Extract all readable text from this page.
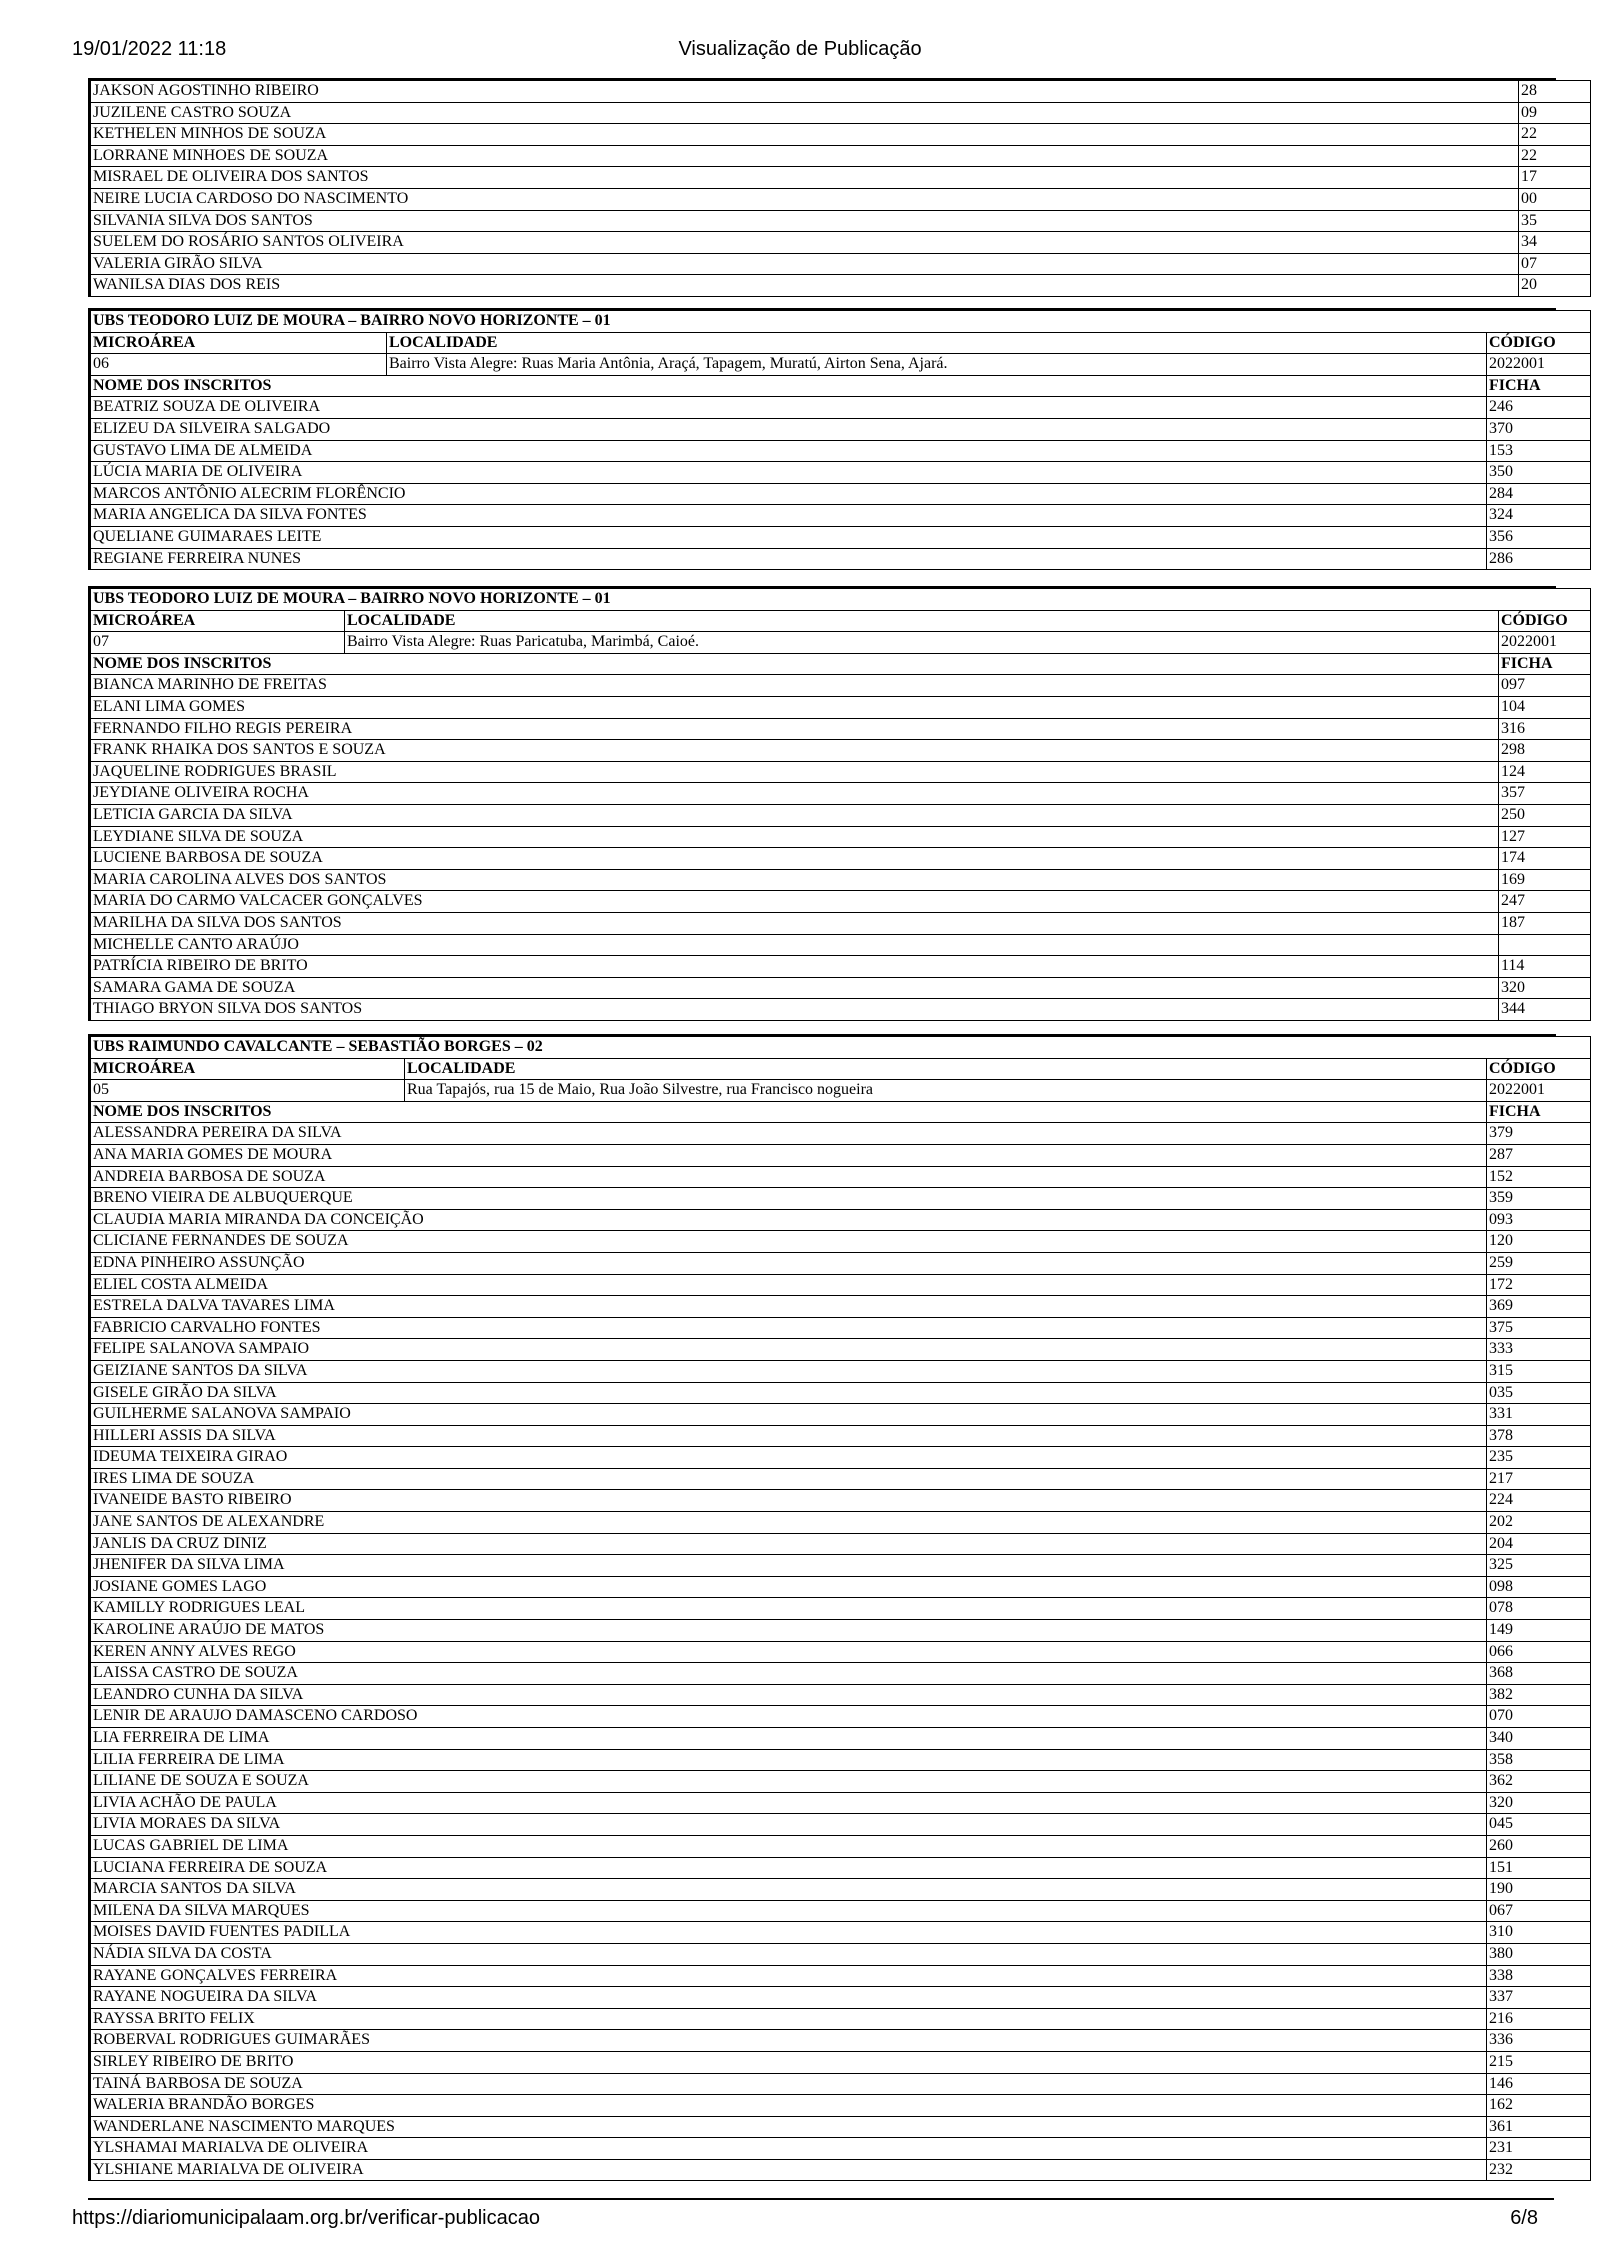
19/01/2022 11:18	Visualização de Publicação
JAKSON AGOSTINHO RIBEIRO	28
JUZILENE CASTRO SOUZA	09
KETHELEN MINHOS DE SOUZA	22
LORRANE MINHOES DE SOUZA	22
MISRAEL DE OLIVEIRA DOS SANTOS	17
NEIRE LUCIA CARDOSO DO NASCIMENTO	00
SILVANIA SILVA DOS SANTOS	35
SUELEM DO ROSÁRIO SANTOS OLIVEIRA	34
VALERIA GIRÃO SILVA	07
WANILSA DIAS DOS REIS	20
UBS TEODORO LUIZ DE MOURA – BAIRRO NOVO HORIZONTE – 01		
MICROÁREA	LOCALIDADE	CÓDIGO
06	Bairro Vista Alegre: Ruas Maria Antônia, Araçá, Tapagem, Muratú, Airton Sena, Ajará.	2022001
NOME DOS INSCRITOS		FICHA
BEATRIZ SOUZA DE OLIVEIRA		246
ELIZEU DA SILVEIRA SALGADO		370
GUSTAVO LIMA DE ALMEIDA		153
LÚCIA MARIA DE OLIVEIRA		350
MARCOS ANTÔNIO ALECRIM FLORÊNCIO		284
MARIA ANGELICA DA SILVA FONTES		324
QUELIANE GUIMARAES LEITE		356
REGIANE FERREIRA NUNES		286
UBS TEODORO LUIZ DE MOURA – BAIRRO NOVO HORIZONTE – 01		
MICROÁREA	LOCALIDADE	CÓDIGO
07	Bairro Vista Alegre: Ruas Paricatuba, Marimbá, Caioé.	2022001
NOME DOS INSCRITOS		FICHA
BIANCA MARINHO DE FREITAS		097
ELANI LIMA GOMES		104
FERNANDO FILHO REGIS PEREIRA		316
FRANK RHAIKA DOS SANTOS E SOUZA		298
JAQUELINE RODRIGUES BRASIL		124
JEYDIANE OLIVEIRA ROCHA		357
LETICIA GARCIA DA SILVA		250
LEYDIANE SILVA DE SOUZA		127
LUCIENE BARBOSA DE SOUZA		174
MARIA CAROLINA ALVES DOS SANTOS		169
MARIA DO CARMO VALCACER GONÇALVES		247
MARILHA DA SILVA DOS SANTOS		187
MICHELLE CANTO ARAÚJO		
PATRÍCIA RIBEIRO DE BRITO		114
SAMARA GAMA DE SOUZA		320
THIAGO BRYON SILVA DOS SANTOS		344
UBS RAIMUNDO CAVALCANTE – SEBASTIÃO BORGES – 02		
MICROÁREA	LOCALIDADE	CÓDIGO
05	Rua Tapajós, rua 15 de Maio, Rua João Silvestre, rua Francisco nogueira	2022001
NOME DOS INSCRITOS		FICHA
ALESSANDRA PEREIRA DA SILVA		379
ANA MARIA GOMES DE MOURA		287
ANDREIA BARBOSA DE SOUZA		152
BRENO VIEIRA DE ALBUQUERQUE		359
CLAUDIA MARIA MIRANDA DA CONCEIÇÃO		093
CLICIANE FERNANDES DE SOUZA		120
EDNA PINHEIRO ASSUNÇÃO		259
ELIEL COSTA ALMEIDA		172
ESTRELA DALVA TAVARES LIMA		369
FABRICIO CARVALHO FONTES		375
FELIPE SALANOVA SAMPAIO		333
GEIZIANE SANTOS DA SILVA		315
GISELE GIRÃO DA SILVA		035
GUILHERME SALANOVA SAMPAIO		331
HILLERI ASSIS DA SILVA		378
IDEUMA TEIXEIRA GIRAO		235
IRES LIMA DE SOUZA		217
IVANEIDE BASTO RIBEIRO		224
JANE SANTOS DE ALEXANDRE		202
JANLIS DA CRUZ DINIZ		204
JHENIFER DA SILVA LIMA		325
JOSIANE GOMES LAGO		098
KAMILLY RODRIGUES LEAL		078
KAROLINE ARAÚJO DE MATOS		149
KEREN ANNY ALVES REGO		066
LAISSA CASTRO DE SOUZA		368
LEANDRO CUNHA DA SILVA		382
LENIR DE ARAUJO DAMASCENO CARDOSO		070
LIA FERREIRA DE LIMA		340
LILIA FERREIRA DE LIMA		358
LILIANE DE SOUZA E SOUZA		362
LIVIA ACHÃO DE PAULA		320
LIVIA MORAES DA SILVA		045
LUCAS GABRIEL DE LIMA		260
LUCIANA FERREIRA DE SOUZA		151
MARCIA SANTOS DA SILVA		190
MILENA DA SILVA MARQUES		067
MOISES DAVID FUENTES PADILLA		310
NÁDIA SILVA DA COSTA		380
RAYANE GONÇALVES FERREIRA		338
RAYANE NOGUEIRA DA SILVA		337
RAYSSA BRITO FELIX		216
ROBERVAL RODRIGUES GUIMARÃES		336
SIRLEY RIBEIRO DE BRITO		215
TAINÁ BARBOSA DE SOUZA		146
WALERIA BRANDÃO BORGES		162
WANDERLANE NASCIMENTO MARQUES		361
YLSHAMAI MARIALVA DE OLIVEIRA		231
YLSHIANE MARIALVA DE OLIVEIRA		232
https://diariomunicipalaam.org.br/verificar-publicacao	6/8
